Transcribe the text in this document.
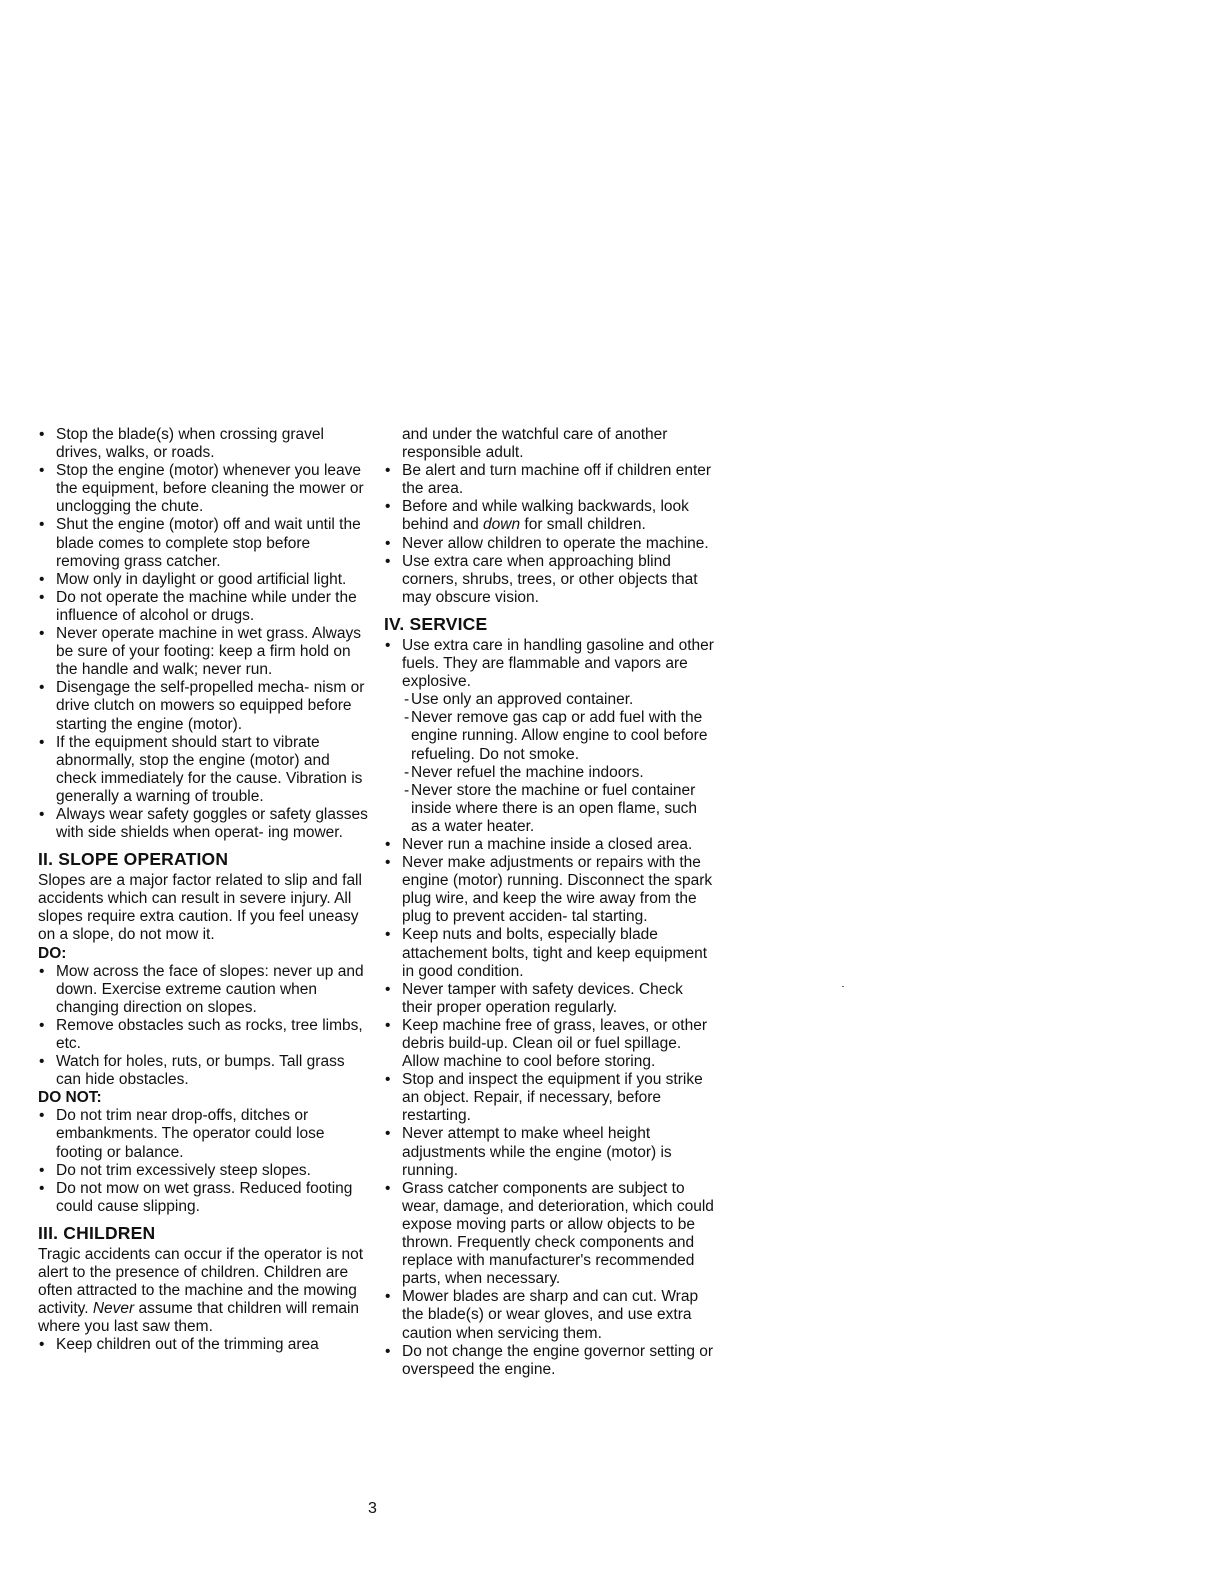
• Stop the blade(s) when crossing gravel drives, walks, or roads.
• Stop the engine (motor) whenever you leave the equipment, before cleaning the mower or unclogging the chute.
• Shut the engine (motor) off and wait until the blade comes to complete stop before removing grass catcher.
• Mow only in daylight or good artificial light.
• Do not operate the machine while under the influence of alcohol or drugs.
• Never operate machine in wet grass. Always be sure of your footing: keep a firm hold on the handle and walk; never run.
• Disengage the self-propelled mecha- nism or drive clutch on mowers so equipped before starting the engine (motor).
• If the equipment should start to vibrate abnormally, stop the engine (motor) and check immediately for the cause. Vibration is generally a warning of trouble.
• Always wear safety goggles or safety glasses with side shields when operat- ing mower.
II. SLOPE OPERATION
Slopes are a major factor related to slip and fall accidents which can result in severe injury. All slopes require extra caution. If you feel uneasy on a slope, do not mow it.
DO:
• Mow across the face of slopes: never up and down. Exercise extreme caution when changing direction on slopes.
• Remove obstacles such as rocks, tree limbs, etc.
• Watch for holes, ruts, or bumps. Tall grass can hide obstacles.
DO NOT:
• Do not trim near drop-offs, ditches or embankments. The operator could lose footing or balance.
• Do not trim excessively steep slopes.
• Do not mow on wet grass. Reduced footing could cause slipping.
III. CHILDREN
Tragic accidents can occur if the operator is not alert to the presence of children. Children are often attracted to the machine and the mowing activity. Never assume that children will remain where you last saw them.
• Keep children out of the trimming area
and under the watchful care of another responsible adult.
• Be alert and turn machine off if children enter the area.
• Before and while walking backwards, look behind and down for small children.
• Never allow children to operate the machine.
• Use extra care when approaching blind corners, shrubs, trees, or other objects that may obscure vision.
IV. SERVICE
• Use extra care in handling gasoline and other fuels. They are flammable and vapors are explosive.
- Use only an approved container.
- Never remove gas cap or add fuel with the engine running. Allow engine to cool before refueling. Do not smoke.
- Never refuel the machine indoors.
- Never store the machine or fuel container inside where there is an open flame, such as a water heater.
• Never run a machine inside a closed area.
• Never make adjustments or repairs with the engine (motor) running. Disconnect the spark plug wire, and keep the wire away from the plug to prevent acciden- tal starting.
• Keep nuts and bolts, especially blade attachement bolts, tight and keep equipment in good condition.
• Never tamper with safety devices. Check their proper operation regularly.
• Keep machine free of grass, leaves, or other debris build-up. Clean oil or fuel spillage. Allow machine to cool before storing.
• Stop and inspect the equipment if you strike an object. Repair, if necessary, before restarting.
• Never attempt to make wheel height adjustments while the engine (motor) is running.
• Grass catcher components are subject to wear, damage, and deterioration, which could expose moving parts or allow objects to be thrown. Frequently check components and replace with manufacturer's recommended parts, when necessary.
• Mower blades are sharp and can cut. Wrap the blade(s) or wear gloves, and use extra caution when servicing them.
• Do not change the engine governor setting or overspeed the engine.
3
